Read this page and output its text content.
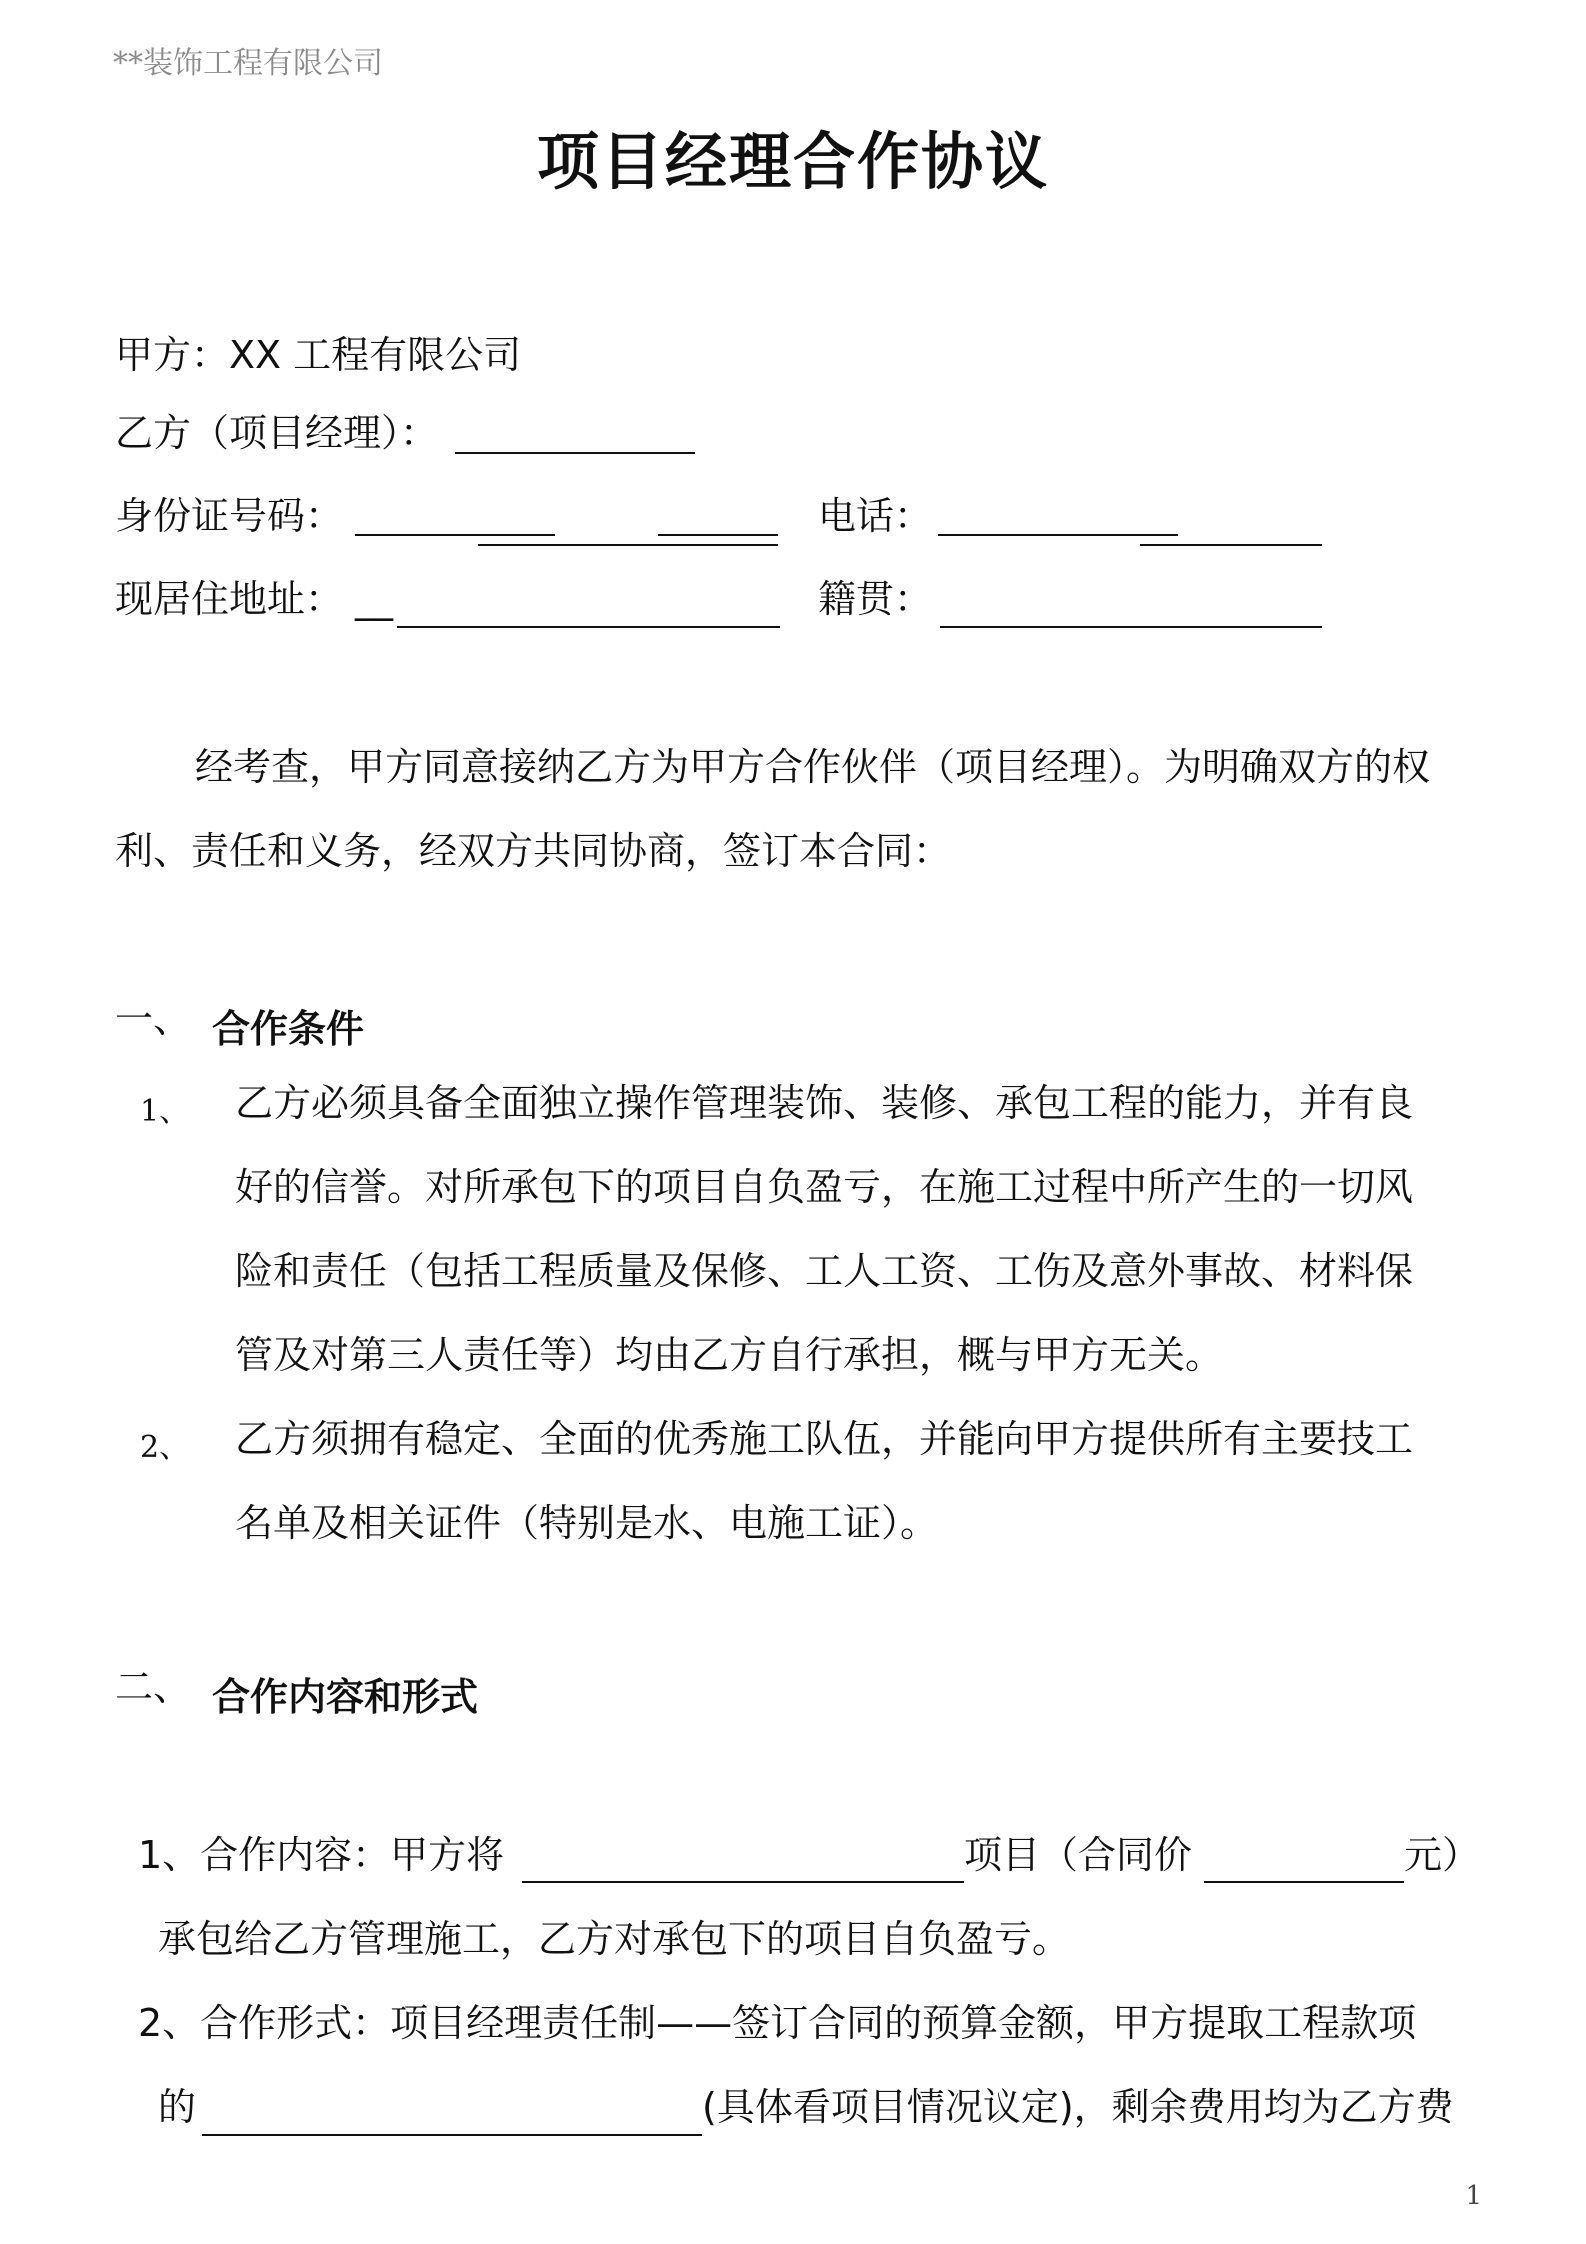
**装饰工程有限公司
项目经理合作协议
甲方：XX 工程有限公司
乙方（项目经理）：
身份证号码：	电话：
现居住地址： __	籍贯：
经考查，甲方同意接纳乙方为甲方合作伙伴（项目经理）。为明确双方的权
利、责任和义务，经双方共同协商，签订本合同：
一、 合作条件
1、 乙方必须具备全面独立操作管理装饰、装修、承包工程的能力，并有良
好的信誉。对所承包下的项目自负盈亏，在施工过程中所产生的一切风
险和责任（包括工程质量及保修、工人工资、工伤及意外事故、材料保
管及对第三人责任等）均由乙方自行承担，概与甲方无关。
2、 乙方须拥有稳定、全面的优秀施工队伍，并能向甲方提供所有主要技工
名单及相关证件（特别是水、电施工证）。
二、 合作内容和形式
1、合作内容：甲方将	项目（合同价	元）
承包给乙方管理施工，乙方对承包下的项目自负盈亏。
2、合作形式：项目经理责任制——签订合同的预算金额，甲方提取工程款项
的	(具体看项目情况议定)，剩余费用均为乙方费
1
